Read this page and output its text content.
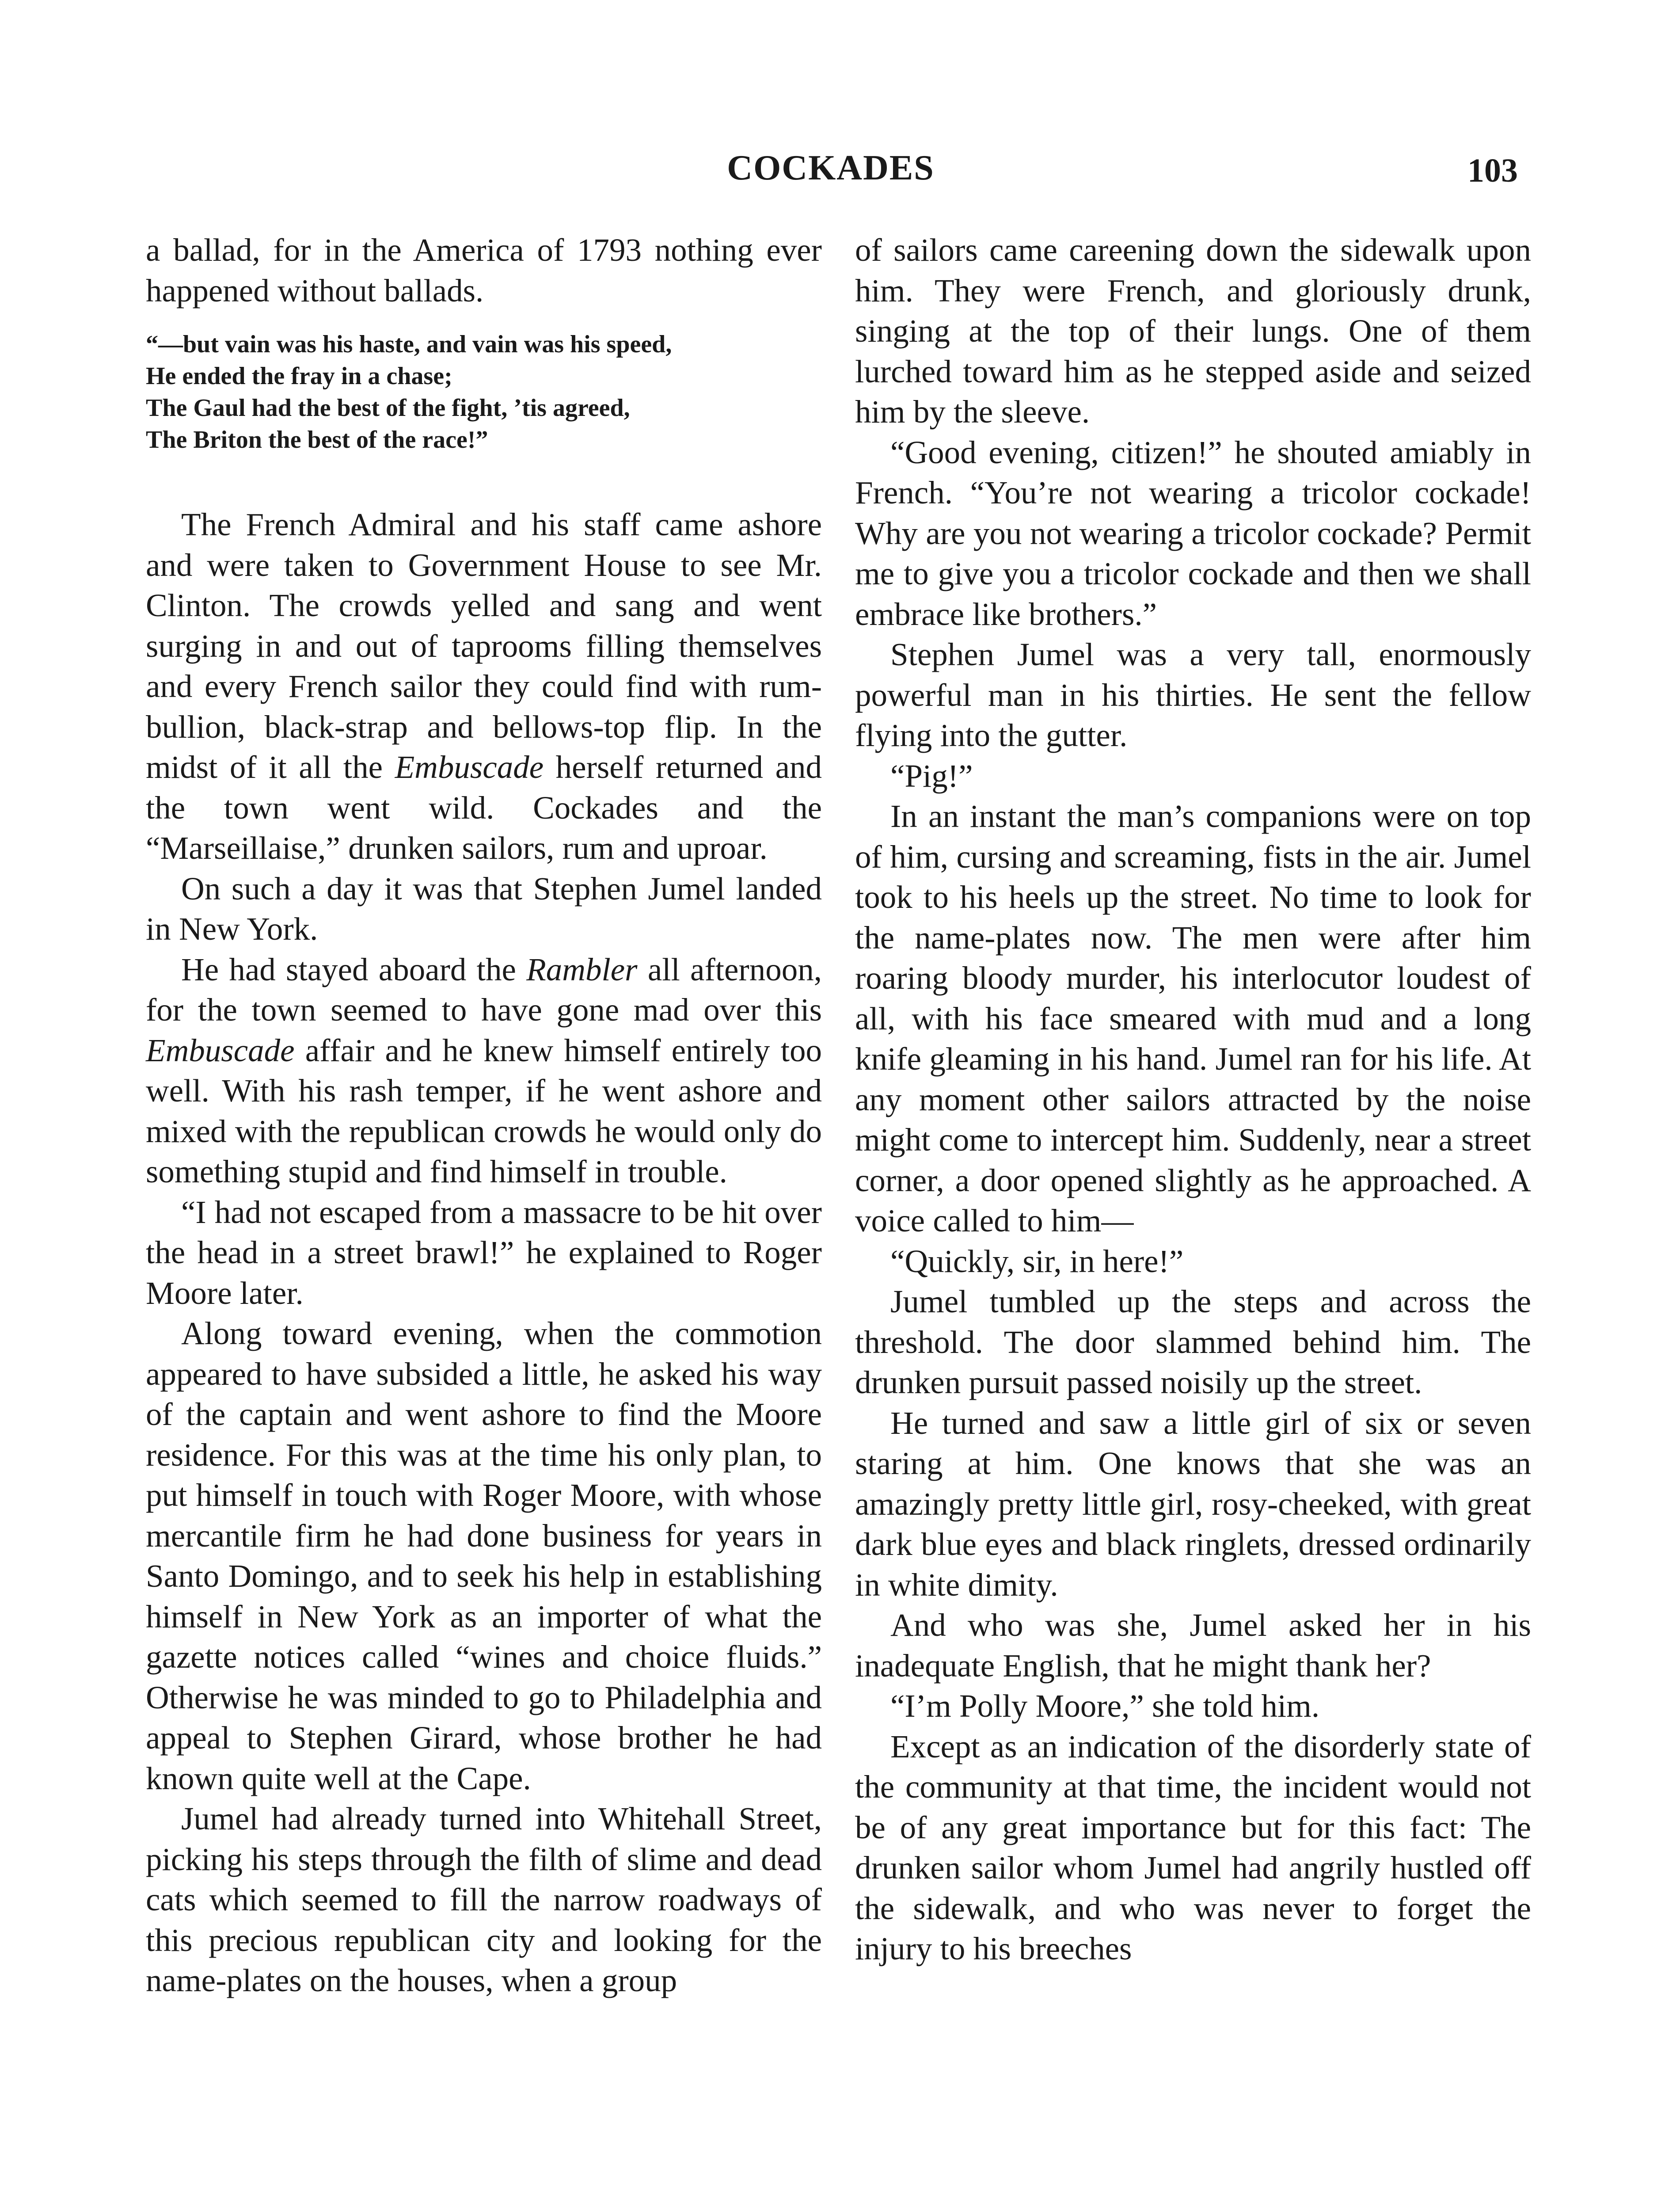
COCKADES	103

a ballad, for in the America of 1793 nothing ever happened without ballads.

“—but vain was his haste, and vain was his speed,
He ended the fray in a chase;
The Gaul had the best of the fight, ’tis agreed,
The Briton the best of the race!”

The French Admiral and his staff came ashore and were taken to Government House to see Mr. Clinton. The crowds yelled and sang and went surging in and out of taprooms filling themselves and every French sailor they could find with rum-bullion, black-strap and bellows-top flip. In the midst of it all the Embuscade herself returned and the town went wild. Cockades and the “Marseillaise,” drunken sailors, rum and uproar.

On such a day it was that Stephen Jumel landed in New York.

He had stayed aboard the Rambler all afternoon, for the town seemed to have gone mad over this Embuscade affair and he knew himself entirely too well. With his rash temper, if he went ashore and mixed with the republican crowds he would only do something stupid and find himself in trouble.

“I had not escaped from a massacre to be hit over the head in a street brawl!” he explained to Roger Moore later.

Along toward evening, when the commotion appeared to have subsided a little, he asked his way of the captain and went ashore to find the Moore residence. For this was at the time his only plan, to put himself in touch with Roger Moore, with whose mercantile firm he had done business for years in Santo Domingo, and to seek his help in establishing himself in New York as an importer of what the gazette notices called “wines and choice fluids.” Otherwise he was minded to go to Philadelphia and appeal to Stephen Girard, whose brother he had known quite well at the Cape.

Jumel had already turned into Whitehall Street, picking his steps through the filth of slime and dead cats which seemed to fill the narrow roadways of this precious republican city and looking for the name-plates on the houses, when a group

of sailors came careening down the sidewalk upon him. They were French, and gloriously drunk, singing at the top of their lungs. One of them lurched toward him as he stepped aside and seized him by the sleeve.

“Good evening, citizen!” he shouted amiably in French. “You’re not wearing a tricolor cockade! Why are you not wearing a tricolor cockade? Permit me to give you a tricolor cockade and then we shall embrace like brothers.”

Stephen Jumel was a very tall, enormously powerful man in his thirties. He sent the fellow flying into the gutter.

“Pig!”

In an instant the man’s companions were on top of him, cursing and screaming, fists in the air. Jumel took to his heels up the street. No time to look for the name-plates now. The men were after him roaring bloody murder, his interlocutor loudest of all, with his face smeared with mud and a long knife gleaming in his hand. Jumel ran for his life. At any moment other sailors attracted by the noise might come to intercept him. Suddenly, near a street corner, a door opened slightly as he approached. A voice called to him—

“Quickly, sir, in here!”

Jumel tumbled up the steps and across the threshold. The door slammed behind him. The drunken pursuit passed noisily up the street.

He turned and saw a little girl of six or seven staring at him. One knows that she was an amazingly pretty little girl, rosy-cheeked, with great dark blue eyes and black ringlets, dressed ordinarily in white dimity.

And who was she, Jumel asked her in his inadequate English, that he might thank her?

“I’m Polly Moore,” she told him.

Except as an indication of the disorderly state of the community at that time, the incident would not be of any great importance but for this fact: The drunken sailor whom Jumel had angrily hustled off the sidewalk, and who was never to forget the injury to his breeches
